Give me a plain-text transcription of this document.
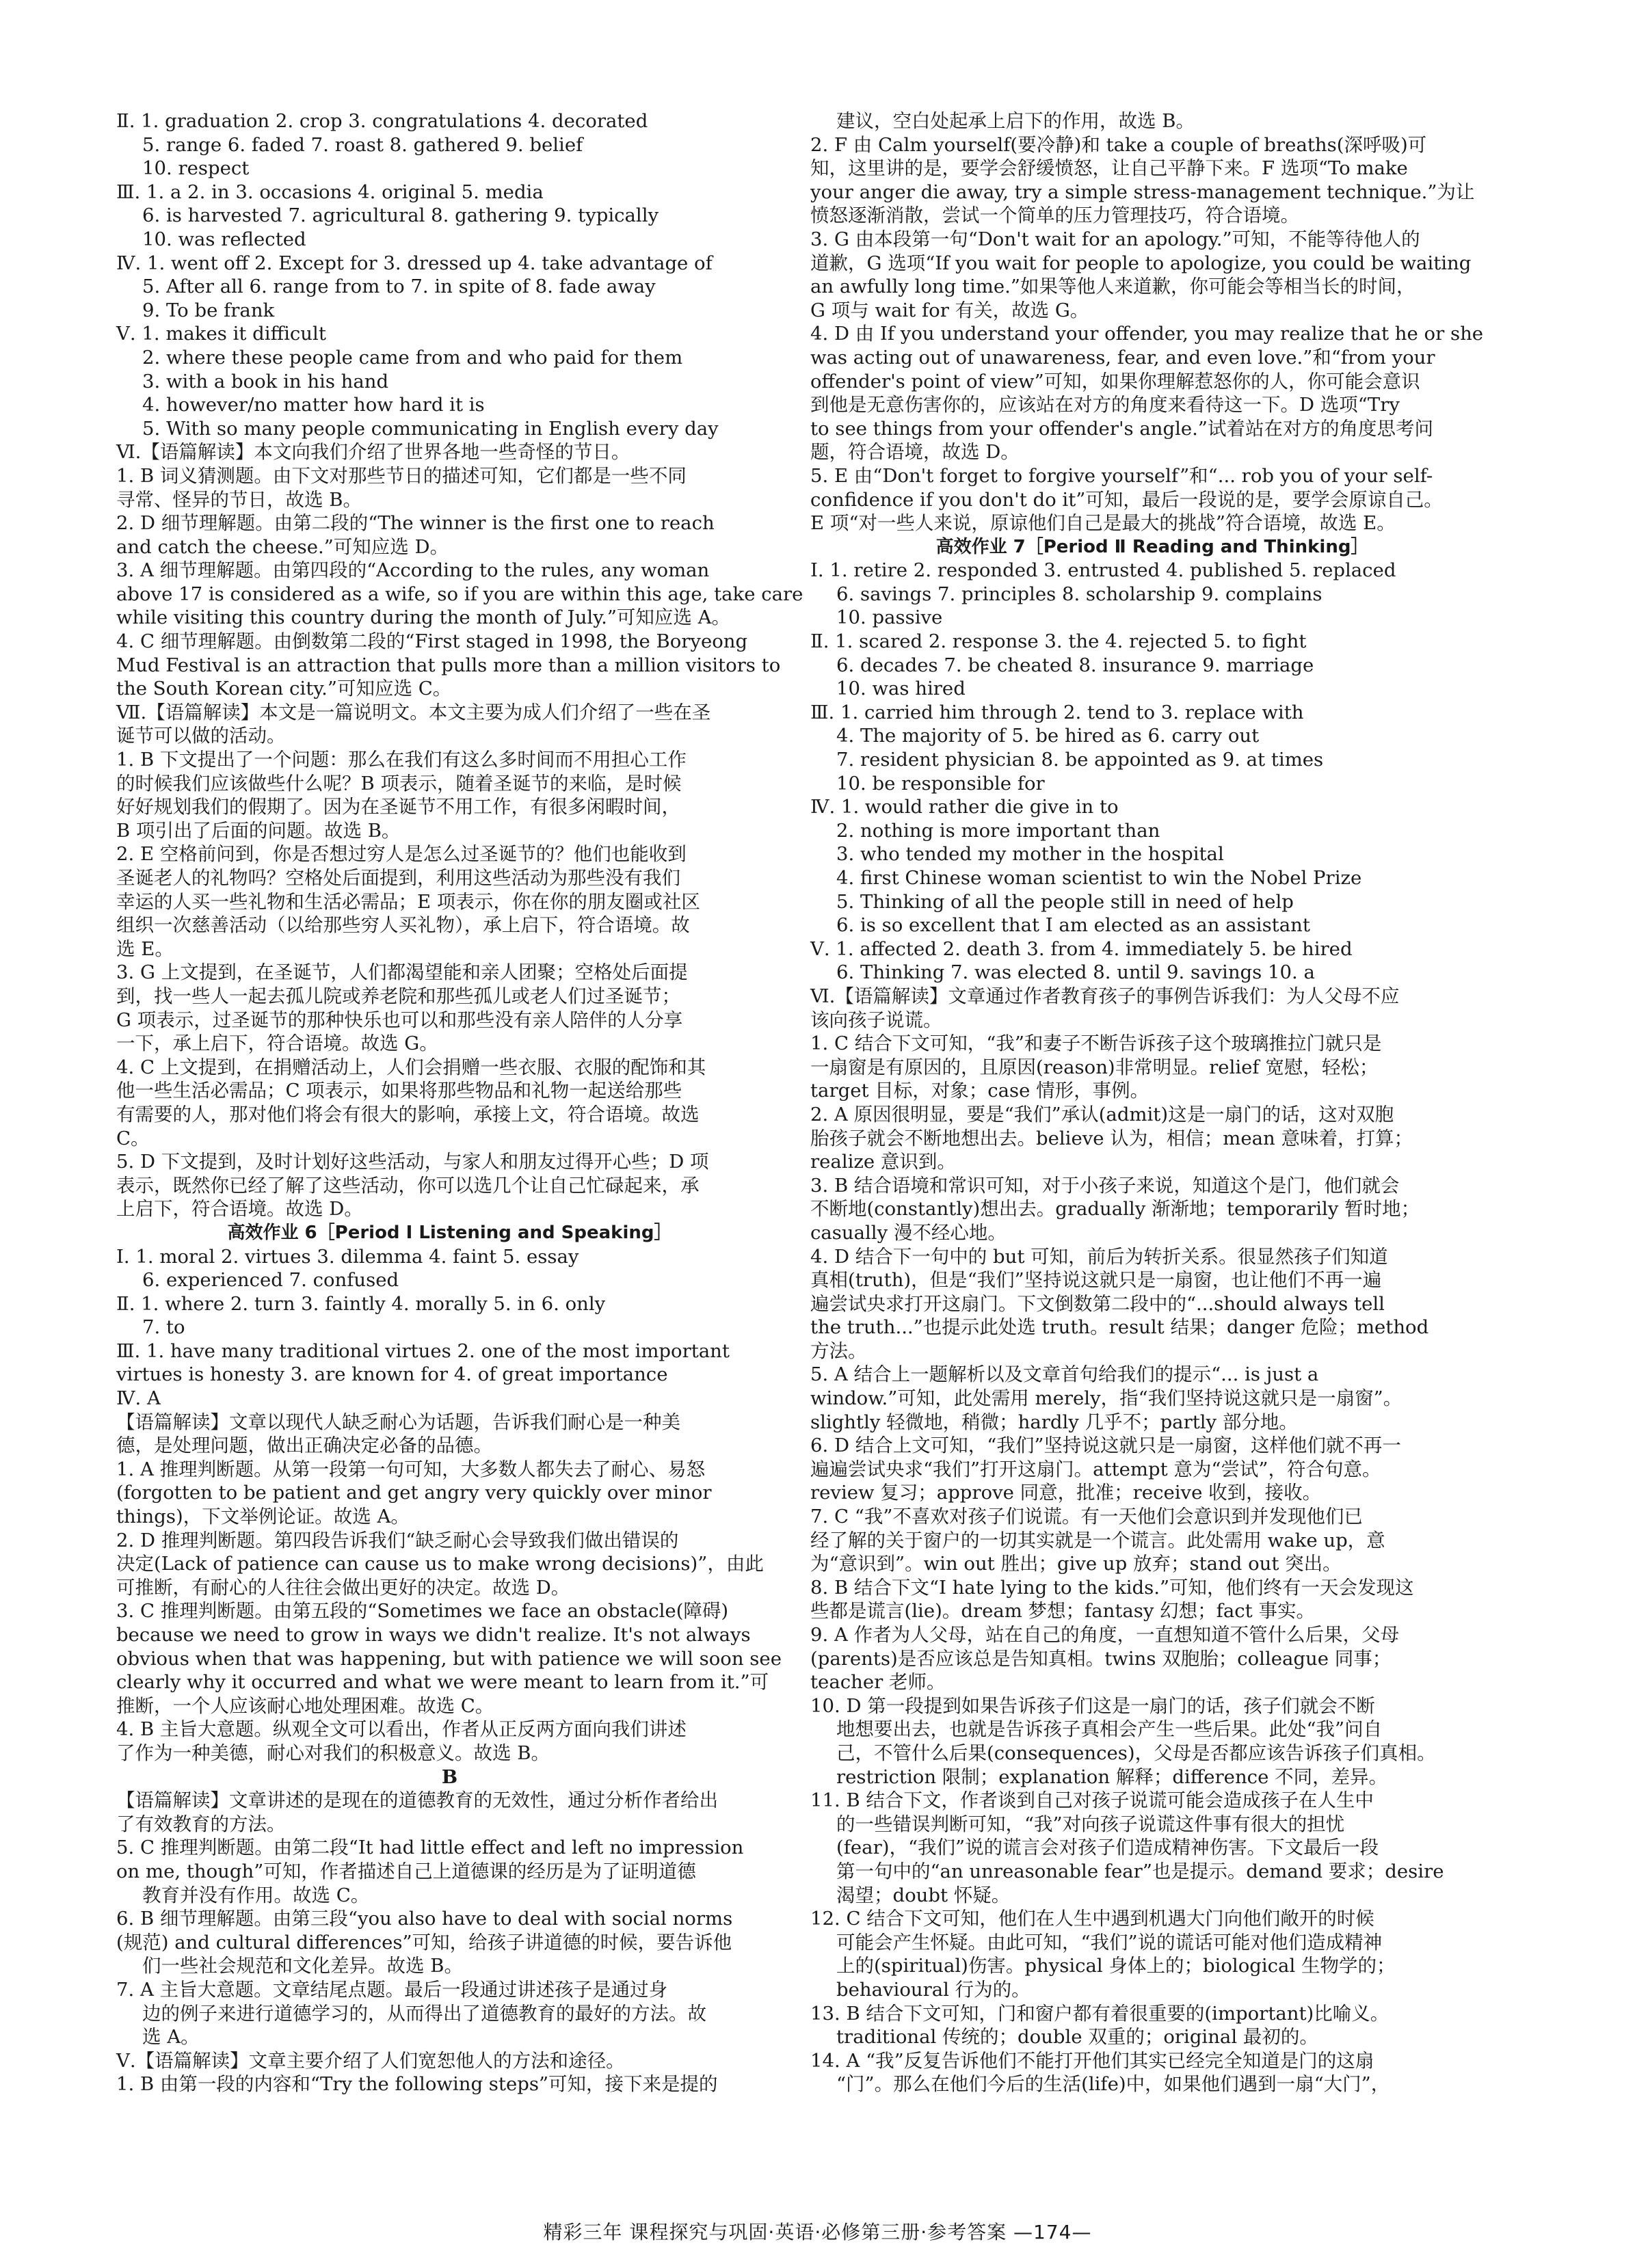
Ⅱ. 1. graduation 2. crop 3. congratulations 4. decorated
5. range 6. faded 7. roast 8. gathered 9. belief
10. respect
Ⅲ. 1. a 2. in 3. occasions 4. original 5. media
6. is harvested 7. agricultural 8. gathering 9. typically
10. was reflected
Ⅳ. 1. went off 2. Except for 3. dressed up 4. take advantage of
5. After all 6. range from to 7. in spite of 8. fade away
9. To be frank
Ⅴ. 1. makes it difficult
2. where these people came from and who paid for them
3. with a book in his hand
4. however/no matter how hard it is
5. With so many people communicating in English every day
Ⅵ.【语篇解读】本文向我们介绍了世界各地一些奇怪的节日。
1. B 词义猜测题。由下文对那些节日的描述可知，它们都是一些不同
寻常、怪异的节日，故选 B。
2. D 细节理解题。由第二段的“The winner is the first one to reach
and catch the cheese.”可知应选 D。
3. A 细节理解题。由第四段的“According to the rules, any woman
above 17 is considered as a wife, so if you are within this age, take care
while visiting this country during the month of July.”可知应选 A。
4. C 细节理解题。由倒数第二段的“First staged in 1998, the Boryeong
Mud Festival is an attraction that pulls more than a million visitors to
the South Korean city.”可知应选 C。
Ⅶ.【语篇解读】本文是一篇说明文。本文主要为成人们介绍了一些在圣
诞节可以做的活动。
1. B 下文提出了一个问题：那么在我们有这么多时间而不用担心工作
的时候我们应该做些什么呢？B 项表示，随着圣诞节的来临，是时候
好好规划我们的假期了。因为在圣诞节不用工作，有很多闲暇时间，
B 项引出了后面的问题。故选 B。
2. E 空格前问到，你是否想过穷人是怎么过圣诞节的？他们也能收到
圣诞老人的礼物吗？空格处后面提到，利用这些活动为那些没有我们
幸运的人买一些礼物和生活必需品；E 项表示，你在你的朋友圈或社区
组织一次慈善活动（以给那些穷人买礼物），承上启下，符合语境。故
选 E。
3. G 上文提到，在圣诞节，人们都渴望能和亲人团聚；空格处后面提
到，找一些人一起去孤儿院或养老院和那些孤儿或老人们过圣诞节；
G 项表示，过圣诞节的那种快乐也可以和那些没有亲人陪伴的人分享
一下，承上启下，符合语境。故选 G。
4. C 上文提到，在捐赠活动上，人们会捐赠一些衣服、衣服的配饰和其
他一些生活必需品；C 项表示，如果将那些物品和礼物一起送给那些
有需要的人，那对他们将会有很大的影响，承接上文，符合语境。故选
C。
5. D 下文提到，及时计划好这些活动，与家人和朋友过得开心些；D 项
表示，既然你已经了解了这些活动，你可以选几个让自己忙碌起来，承
上启下，符合语境。故选 D。
高效作业 6［Period Ⅰ Listening and Speaking］
Ⅰ. 1. moral 2. virtues 3. dilemma 4. faint 5. essay
6. experienced 7. confused
Ⅱ. 1. where 2. turn 3. faintly 4. morally 5. in 6. only
7. to
Ⅲ. 1. have many traditional virtues 2. one of the most important
virtues is honesty 3. are known for 4. of great importance
Ⅳ. A
【语篇解读】文章以现代人缺乏耐心为话题，告诉我们耐心是一种美
德，是处理问题，做出正确决定必备的品德。
1. A 推理判断题。从第一段第一句可知，大多数人都失去了耐心、易怒
(forgotten to be patient and get angry very quickly over minor
things)，下文举例论证。故选 A。
2. D 推理判断题。第四段告诉我们“缺乏耐心会导致我们做出错误的
决定(Lack of patience can cause us to make wrong decisions)”，由此
可推断，有耐心的人往往会做出更好的决定。故选 D。
3. C 推理判断题。由第五段的“Sometimes we face an obstacle(障碍)
because we need to grow in ways we didn't realize. It's not always
obvious when that was happening, but with patience we will soon see
clearly why it occurred and what we were meant to learn from it.”可
推断，一个人应该耐心地处理困难。故选 C。
4. B 主旨大意题。纵观全文可以看出，作者从正反两方面向我们讲述
了作为一种美德，耐心对我们的积极意义。故选 B。
B
【语篇解读】文章讲述的是现在的道德教育的无效性，通过分析作者给出
了有效教育的方法。
5. C 推理判断题。由第二段“It had little effect and left no impression
on me, though”可知，作者描述自己上道德课的经历是为了证明道德
教育并没有作用。故选 C。
6. B 细节理解题。由第三段“you also have to deal with social norms
(规范) and cultural differences”可知，给孩子讲道德的时候，要告诉他
们一些社会规范和文化差异。故选 B。
7. A 主旨大意题。文章结尾点题。最后一段通过讲述孩子是通过身
边的例子来进行道德学习的，从而得出了道德教育的最好的方法。故
选 A。
Ⅴ.【语篇解读】文章主要介绍了人们宽恕他人的方法和途径。
1. B 由第一段的内容和“Try the following steps”可知，接下来是提的
建议，空白处起承上启下的作用，故选 B。
2. F 由 Calm yourself(要冷静)和 take a couple of breaths(深呼吸)可
知，这里讲的是，要学会舒缓愤怒，让自己平静下来。F 选项“To make
your anger die away, try a simple stress-management technique.”为让
愤怒逐渐消散，尝试一个简单的压力管理技巧，符合语境。
3. G 由本段第一句“Don't wait for an apology.”可知，不能等待他人的
道歉，G 选项“If you wait for people to apologize, you could be waiting
an awfully long time.”如果等他人来道歉，你可能会等相当长的时间，
G 项与 wait for 有关，故选 G。
4. D 由 If you understand your offender, you may realize that he or she
was acting out of unawareness, fear, and even love.”和“from your
offender's point of view”可知，如果你理解惹怒你的人，你可能会意识
到他是无意伤害你的，应该站在对方的角度来看待这一下。D 选项“Try
to see things from your offender's angle.”试着站在对方的角度思考问
题，符合语境，故选 D。
5. E 由“Don't forget to forgive yourself”和“... rob you of your self-
confidence if you don't do it”可知，最后一段说的是，要学会原谅自己。
E 项“对一些人来说，原谅他们自己是最大的挑战”符合语境，故选 E。
高效作业 7［Period Ⅱ Reading and Thinking］
Ⅰ. 1. retire 2. responded 3. entrusted 4. published 5. replaced
6. savings 7. principles 8. scholarship 9. complains
10. passive
Ⅱ. 1. scared 2. response 3. the 4. rejected 5. to fight
6. decades 7. be cheated 8. insurance 9. marriage
10. was hired
Ⅲ. 1. carried him through 2. tend to 3. replace with
4. The majority of 5. be hired as 6. carry out
7. resident physician 8. be appointed as 9. at times
10. be responsible for
Ⅳ. 1. would rather die give in to
2. nothing is more important than
3. who tended my mother in the hospital
4. first Chinese woman scientist to win the Nobel Prize
5. Thinking of all the people still in need of help
6. is so excellent that I am elected as an assistant
Ⅴ. 1. affected 2. death 3. from 4. immediately 5. be hired
6. Thinking 7. was elected 8. until 9. savings 10. a
Ⅵ.【语篇解读】文章通过作者教育孩子的事例告诉我们：为人父母不应
该向孩子说谎。
1. C 结合下文可知，“我”和妻子不断告诉孩子这个玻璃推拉门就只是
一扇窗是有原因的，且原因(reason)非常明显。relief 宽慰，轻松；
target 目标，对象；case 情形，事例。
2. A 原因很明显，要是“我们”承认(admit)这是一扇门的话，这对双胞
胎孩子就会不断地想出去。believe 认为，相信；mean 意味着，打算；
realize 意识到。
3. B 结合语境和常识可知，对于小孩子来说，知道这个是门，他们就会
不断地(constantly)想出去。gradually 渐渐地；temporarily 暂时地；
casually 漫不经心地。
4. D 结合下一句中的 but 可知，前后为转折关系。很显然孩子们知道
真相(truth)，但是“我们”坚持说这就只是一扇窗，也让他们不再一遍
遍尝试央求打开这扇门。下文倒数第二段中的“...should always tell
the truth...”也提示此处选 truth。result 结果；danger 危险；method
方法。
5. A 结合上一题解析以及文章首句给我们的提示“... is just a
window.”可知，此处需用 merely，指“我们坚持说这就只是一扇窗”。
slightly 轻微地，稍微；hardly 几乎不；partly 部分地。
6. D 结合上文可知，“我们”坚持说这就只是一扇窗，这样他们就不再一
遍遍尝试央求“我们”打开这扇门。attempt 意为“尝试”，符合句意。
review 复习；approve 同意，批准；receive 收到，接收。
7. C “我”不喜欢对孩子们说谎。有一天他们会意识到并发现他们已
经了解的关于窗户的一切其实就是一个谎言。此处需用 wake up，意
为“意识到”。win out 胜出；give up 放弃；stand out 突出。
8. B 结合下文“I hate lying to the kids.”可知，他们终有一天会发现这
些都是谎言(lie)。dream 梦想；fantasy 幻想；fact 事实。
9. A 作者为人父母，站在自己的角度，一直想知道不管什么后果，父母
(parents)是否应该总是告知真相。twins 双胞胎；colleague 同事；
teacher 老师。
10. D 第一段提到如果告诉孩子们这是一扇门的话，孩子们就会不断
地想要出去，也就是告诉孩子真相会产生一些后果。此处“我”问自
己，不管什么后果(consequences)，父母是否都应该告诉孩子们真相。
restriction 限制；explanation 解释；difference 不同，差异。
11. B 结合下文，作者谈到自己对孩子说谎可能会造成孩子在人生中
的一些错误判断可知，“我”对向孩子说谎这件事有很大的担忧
(fear)，“我们”说的谎言会对孩子们造成精神伤害。下文最后一段
第一句中的“an unreasonable fear”也是提示。demand 要求；desire
渴望；doubt 怀疑。
12. C 结合下文可知，他们在人生中遇到机遇大门向他们敞开的时候
可能会产生怀疑。由此可知，“我们”说的谎话可能对他们造成精神
上的(spiritual)伤害。physical 身体上的；biological 生物学的；
behavioural 行为的。
13. B 结合下文可知，门和窗户都有着很重要的(important)比喻义。
traditional 传统的；double 双重的；original 最初的。
14. A “我”反复告诉他们不能打开他们其实已经完全知道是门的这扇
“门”。那么在他们今后的生活(life)中，如果他们遇到一扇“大门”，
精彩三年 课程探究与巩固·英语·必修第三册·参考答案 —174—
